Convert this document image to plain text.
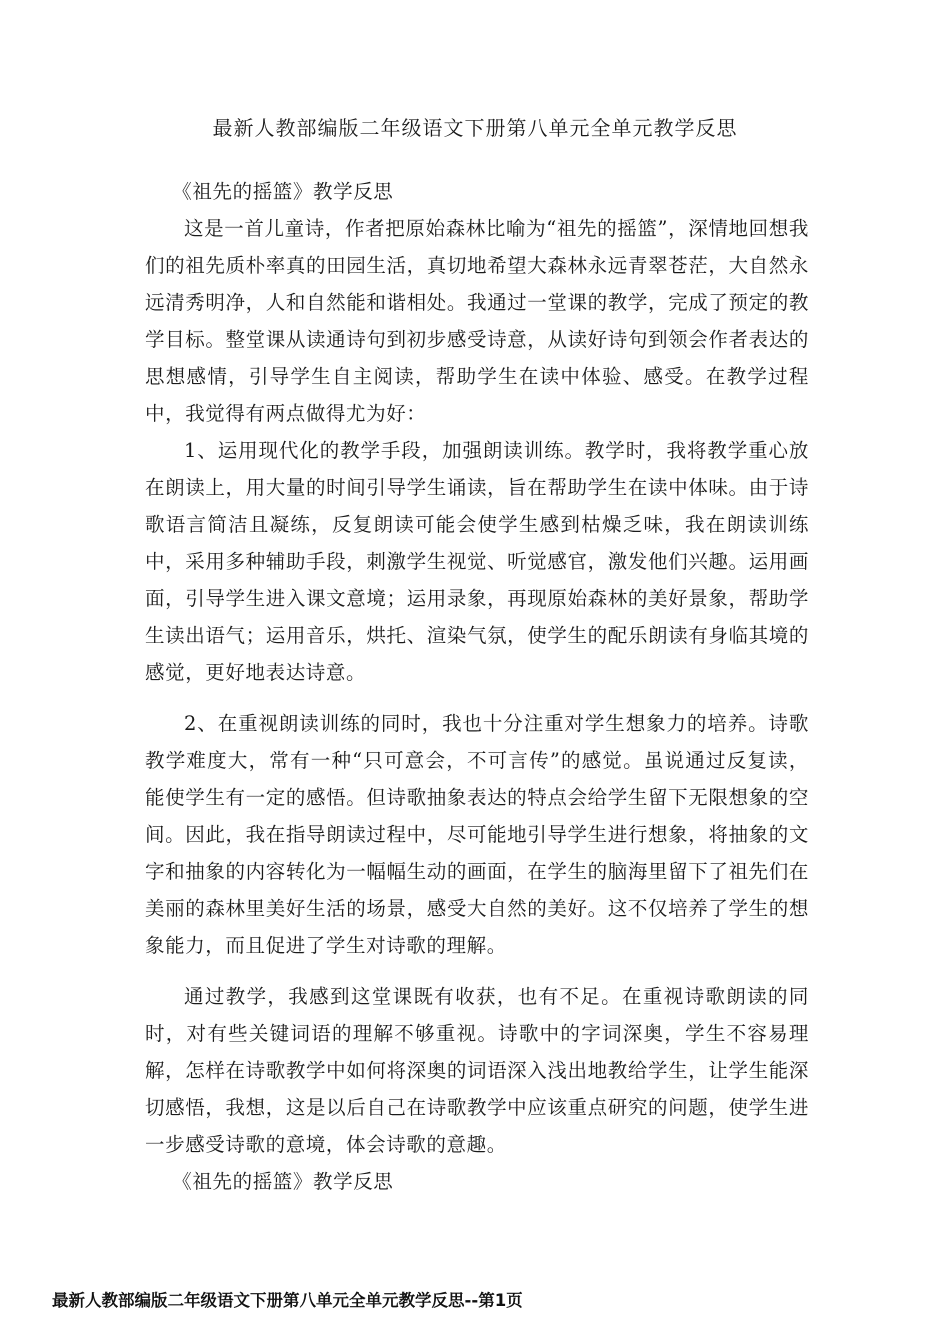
最新人教部编版二年级语文下册第八单元全单元教学反思

《祖先的摇篮》教学反思

这是一首儿童诗，作者把原始森林比喻为“祖先的摇篮”，深情地回想我们的祖先质朴率真的田园生活，真切地希望大森林永远青翠苍茫，大自然永远清秀明净，人和自然能和谐相处。我通过一堂课的教学，完成了预定的教学目标。整堂课从读通诗句到初步感受诗意，从读好诗句到领会作者表达的思想感情，引导学生自主阅读，帮助学生在读中体验、感受。在教学过程中，我觉得有两点做得尤为好：

1、运用现代化的教学手段，加强朗读训练。教学时，我将教学重心放在朗读上，用大量的时间引导学生诵读，旨在帮助学生在读中体味。由于诗歌语言简洁且凝练，反复朗读可能会使学生感到枯燥乏味，我在朗读训练中，采用多种辅助手段，刺激学生视觉、听觉感官，激发他们兴趣。运用画面，引导学生进入课文意境；运用录象，再现原始森林的美好景象，帮助学生读出语气；运用音乐，烘托、渲染气氛，使学生的配乐朗读有身临其境的感觉，更好地表达诗意。

2、在重视朗读训练的同时，我也十分注重对学生想象力的培养。诗歌教学难度大，常有一种“只可意会，不可言传”的感觉。虽说通过反复读，能使学生有一定的感悟。但诗歌抽象表达的特点会给学生留下无限想象的空间。因此，我在指导朗读过程中，尽可能地引导学生进行想象，将抽象的文字和抽象的内容转化为一幅幅生动的画面，在学生的脑海里留下了祖先们在美丽的森林里美好生活的场景，感受大自然的美好。这不仅培养了学生的想象能力，而且促进了学生对诗歌的理解。

通过教学，我感到这堂课既有收获，也有不足。在重视诗歌朗读的同时，对有些关键词语的理解不够重视。诗歌中的字词深奥，学生不容易理解，怎样在诗歌教学中如何将深奥的词语深入浅出地教给学生，让学生能深切感悟，我想，这是以后自己在诗歌教学中应该重点研究的问题，使学生进一步感受诗歌的意境，体会诗歌的意趣。

《祖先的摇篮》教学反思

最新人教部编版二年级语文下册第八单元全单元教学反思--第1页
